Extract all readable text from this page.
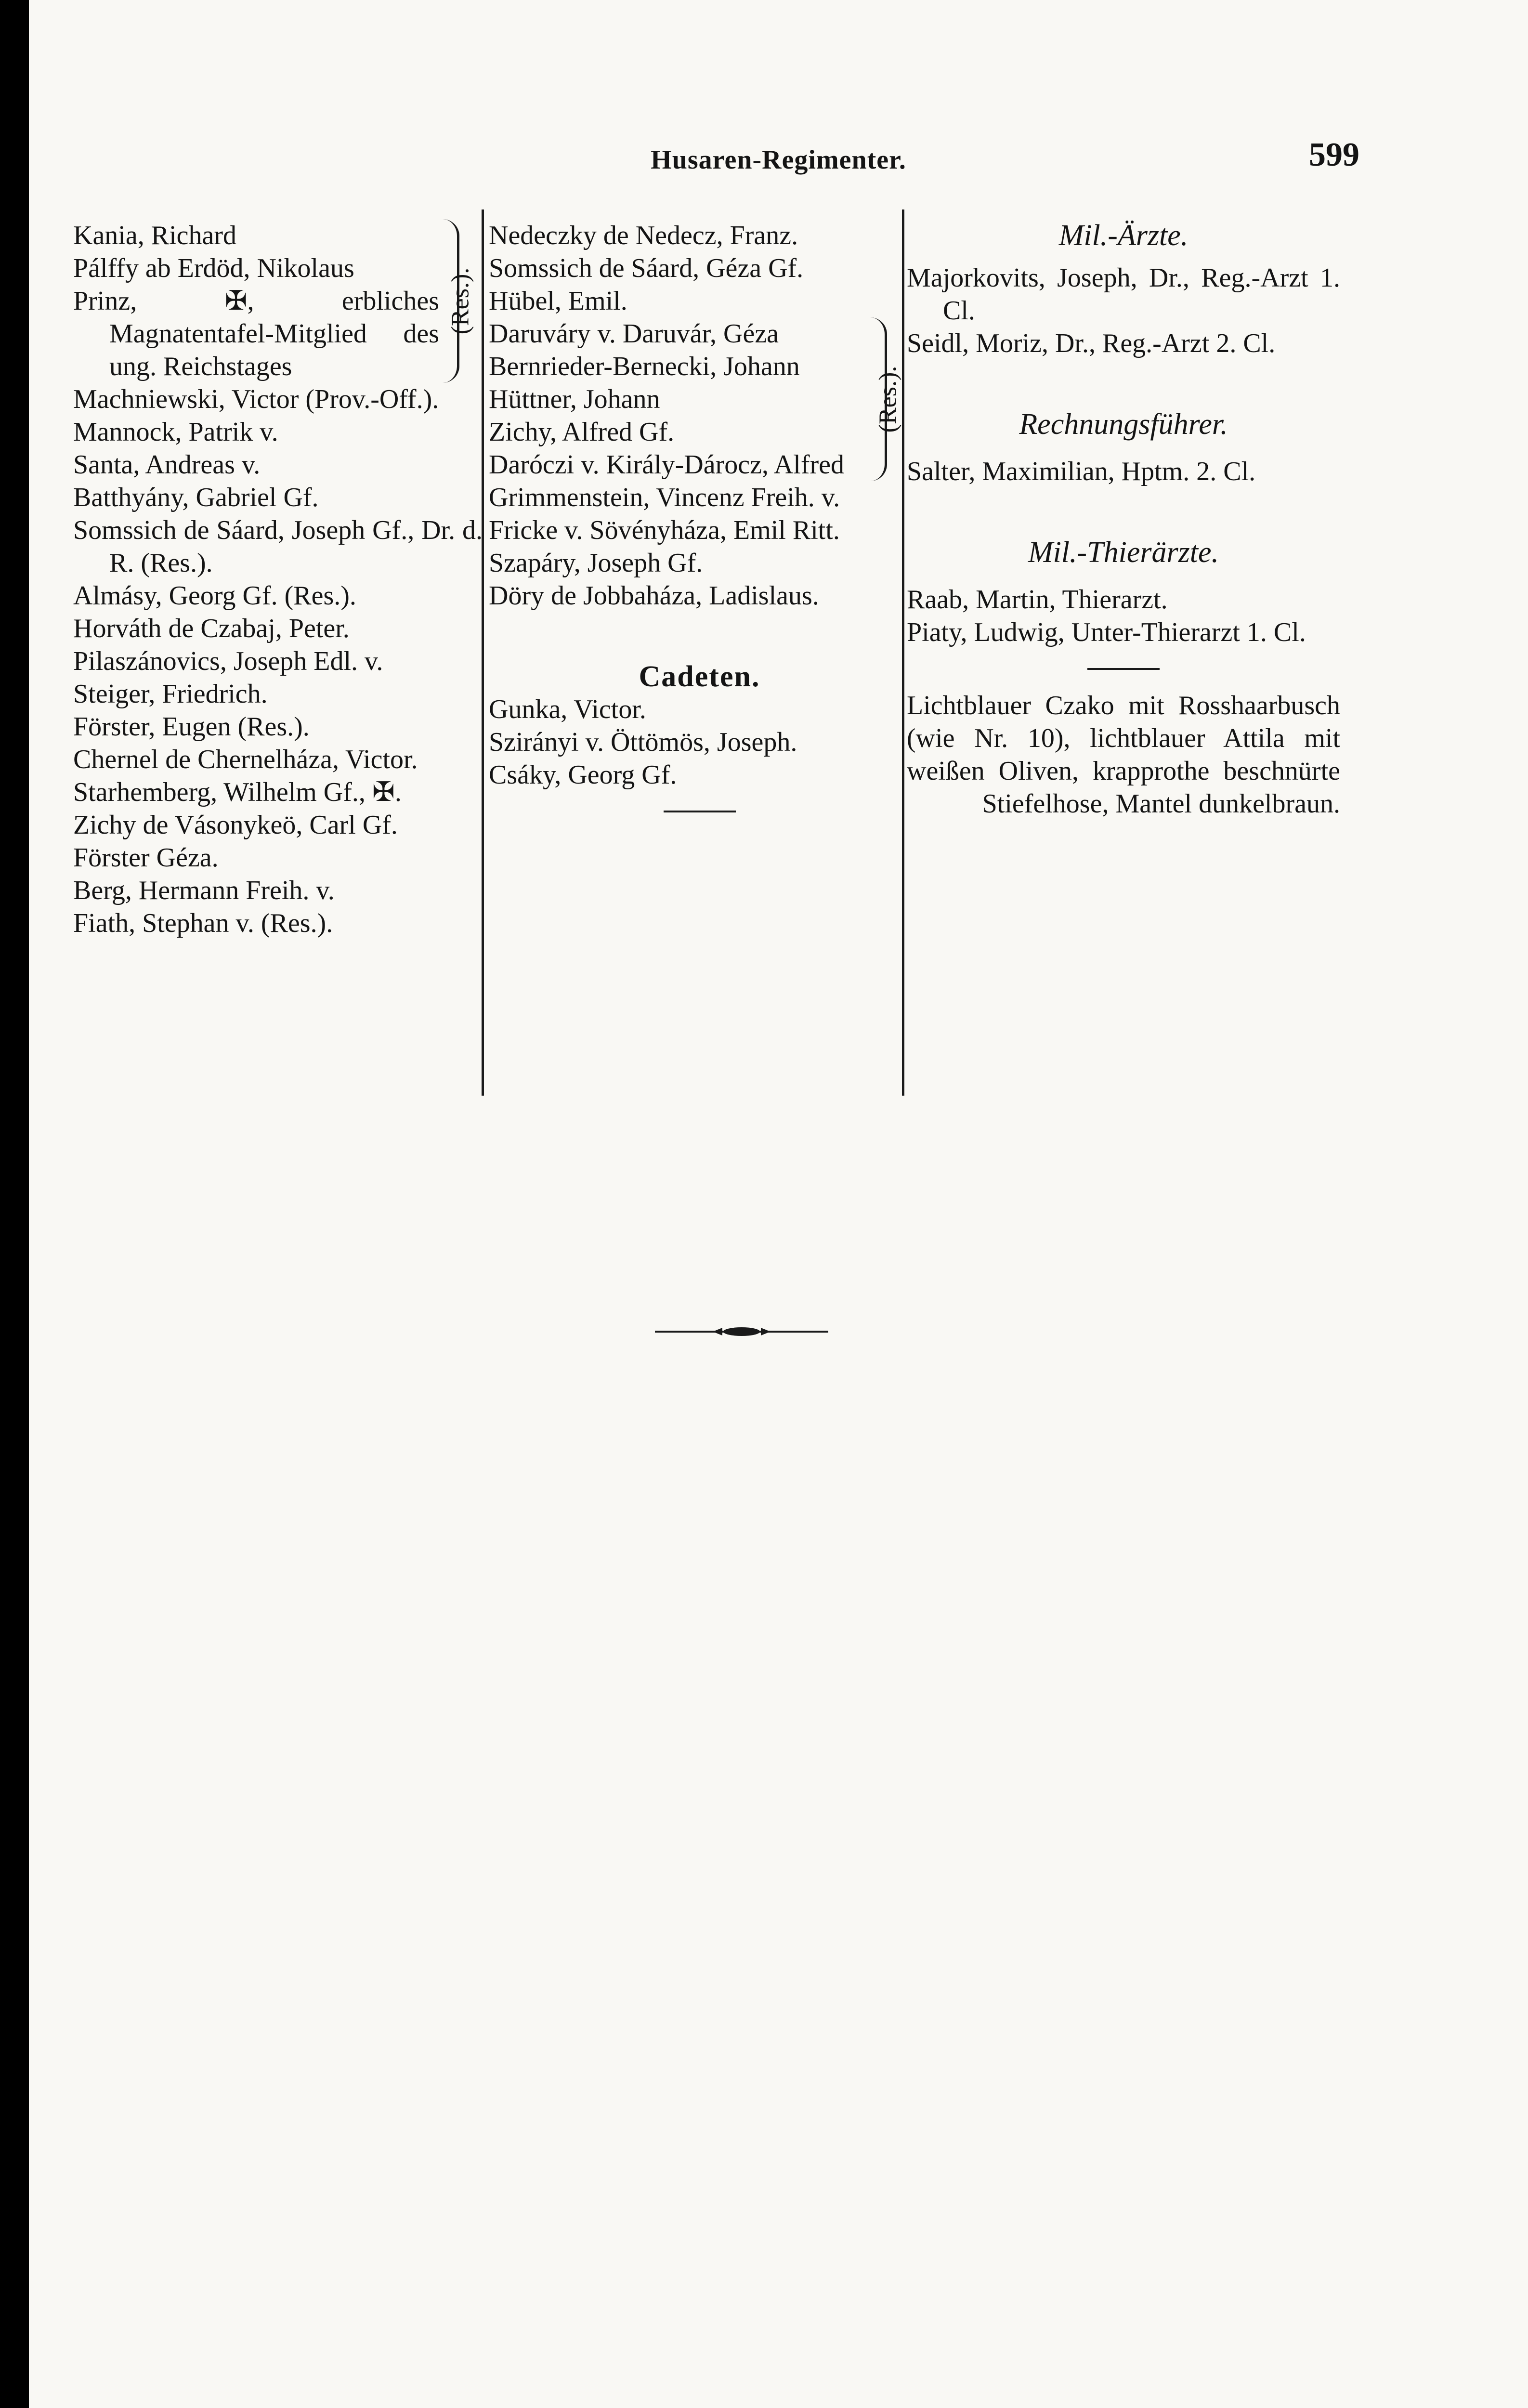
Husaren-Regimenter.	599
Kania, Richard
Pálffy ab Erdöd, Nikolaus
Prinz, ✠, erbliches Magnatentafel-Mitglied des ung. Reichstages
(Res.).
Machniewski, Victor (Prov.-Off.).
Mannock, Patrik v.
Santa, Andreas v.
Batthyány, Gabriel Gf.
Somssich de Sáard, Joseph Gf., Dr. d. R. (Res.).
Almásy, Georg Gf. (Res.).
Horváth de Czabaj, Peter.
Pilaszánovics, Joseph Edl. v.
Steiger, Friedrich.
Förster, Eugen (Res.).
Chernel de Chernelháza, Victor.
Starhemberg, Wilhelm Gf., ✠.
Zichy de Vásonykeö, Carl Gf.
Förster Géza.
Berg, Hermann Freih. v.
Fiath, Stephan v. (Res.).
Nedeczky de Nedecz, Franz.
Somssich de Sáard, Géza Gf.
Hübel, Emil.
Daruváry v. Daruvár, Géza
Bernrieder-Bernecki, Johann
Hüttner, Johann
Zichy, Alfred Gf.
Daróczi v. Király-Dárocz, Alfred
(Res.).
Grimmenstein, Vincenz Freih. v.
Fricke v. Sövényháza, Emil Ritt.
Szapáry, Joseph Gf.
Döry de Jobbaháza, Ladislaus.
Cadeten.
Gunka, Victor.
Szirányi v. Öttömös, Joseph.
Csáky, Georg Gf.
Mil.-Ärzte.
Majorkovits, Joseph, Dr., Reg.-Arzt 1. Cl.
Seidl, Moriz, Dr., Reg.-Arzt 2. Cl.
Rechnungsführer.
Salter, Maximilian, Hptm. 2. Cl.
Mil.-Thierärzte.
Raab, Martin, Thierarzt.
Piaty, Ludwig, Unter-Thierarzt 1. Cl.
Lichtblauer Czako mit Rosshaarbusch (wie Nr. 10), lichtblauer Attila mit weißen Oliven, krapprothe beschnürte Stiefelhose, Mantel dunkelbraun.
